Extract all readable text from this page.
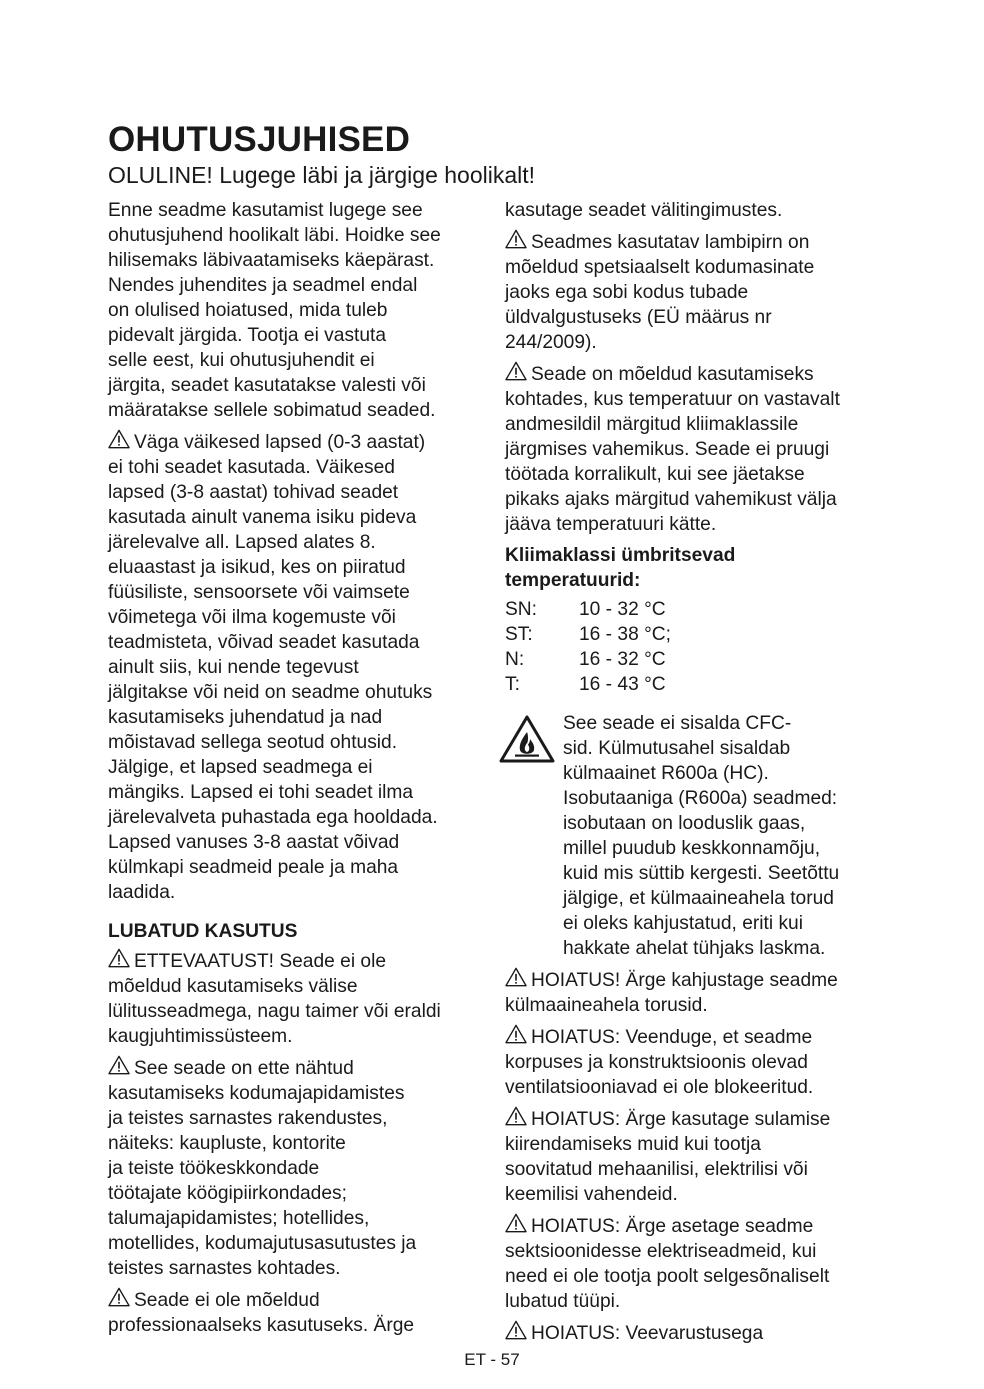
OHUTUSJUHISED
OLULINE! Lugege läbi ja järgige hoolikalt!

Enne seadme kasutamist lugege see
ohutusjuhend hoolikalt läbi. Hoidke see
hilisemaks läbivaatamiseks käepärast.
Nendes juhendites ja seadmel endal
on olulised hoiatused, mida tuleb
pidevalt järgida. Tootja ei vastuta
selle eest, kui ohutusjuhendit ei
järgita, seadet kasutatakse valesti või
määratakse sellele sobimatud seaded.

Väga väikesed lapsed (0-3 aastat)
ei tohi seadet kasutada. Väikesed
lapsed (3-8 aastat) tohivad seadet
kasutada ainult vanema isiku pideva
järelevalve all. Lapsed alates 8.
eluaastast ja isikud, kes on piiratud
füüsiliste, sensoorsete või vaimsete
võimetega või ilma kogemuste või
teadmisteta, võivad seadet kasutada
ainult siis, kui nende tegevust
jälgitakse või neid on seadme ohutuks
kasutamiseks juhendatud ja nad
mõistavad sellega seotud ohtusid.
Jälgige, et lapsed seadmega ei
mängiks. Lapsed ei tohi seadet ilma
järelevalveta puhastada ega hooldada.
Lapsed vanuses 3-8 aastat võivad
külmkapi seadmeid peale ja maha
laadida.

LUBATUD KASUTUS

ETTEVAATUST! Seade ei ole
mõeldud kasutamiseks välise
lülitusseadmega, nagu taimer või eraldi
kaugjuhtimissüsteem.

See seade on ette nähtud
kasutamiseks kodumajapidamistes
ja teistes sarnastes rakendustes,
näiteks: kaupluste, kontorite
ja teiste töökeskkondade
töötajate köögipiirkondades;
talumajapidamistes; hotellides,
motellides, kodumajutusasutustes ja
teistes sarnastes kohtades.

Seade ei ole mõeldud
professionaalseks kasutuseks. Ärge

kasutage seadet välitingimustes.

Seadmes kasutatav lambipirn on
mõeldud spetsiaalselt kodumasinate
jaoks ega sobi kodus tubade
üldvalgustuseks (EÜ määrus nr
244/2009).

Seade on mõeldud kasutamiseks
kohtades, kus temperatuur on vastavalt
andmesildil märgitud kliimaklassile
järgmises vahemikus. Seade ei pruugi
töötada korralikult, kui see jäetakse
pikaks ajaks märgitud vahemikust välja
jääva temperatuuri kätte.

Kliimaklassi ümbritsevad
temperatuurid:

SN:	10 - 32 °C
ST:	16 - 38 °C;
N:	16 - 32 °C
T:	16 - 43 °C
See seade ei sisalda CFC-
sid. Külmutusahel sisaldab
külmaainet R600a (HC).
Isobutaaniga (R600a) seadmed:
isobutaan on looduslik gaas,
millel puudub keskkonnamõju,
kuid mis süttib kergesti. Seetõttu
jälgige, et külmaaineahela torud
ei oleks kahjustatud, eriti kui
hakkate ahelat tühjaks laskma.

HOIATUS! Ärge kahjustage seadme
külmaaineahela torusid.

HOIATUS: Veenduge, et seadme
korpuses ja konstruktsioonis olevad
ventilatsiooniavad ei ole blokeeritud.

HOIATUS: Ärge kasutage sulamise
kiirendamiseks muid kui tootja
soovitatud mehaanilisi, elektrilisi või
keemilisi vahendeid.

HOIATUS: Ärge asetage seadme
sektsioonidesse elektriseadmeid, kui
need ei ole tootja poolt selgesõnaliselt
lubatud tüüpi.

HOIATUS: Veevarustusega

ET - 57
